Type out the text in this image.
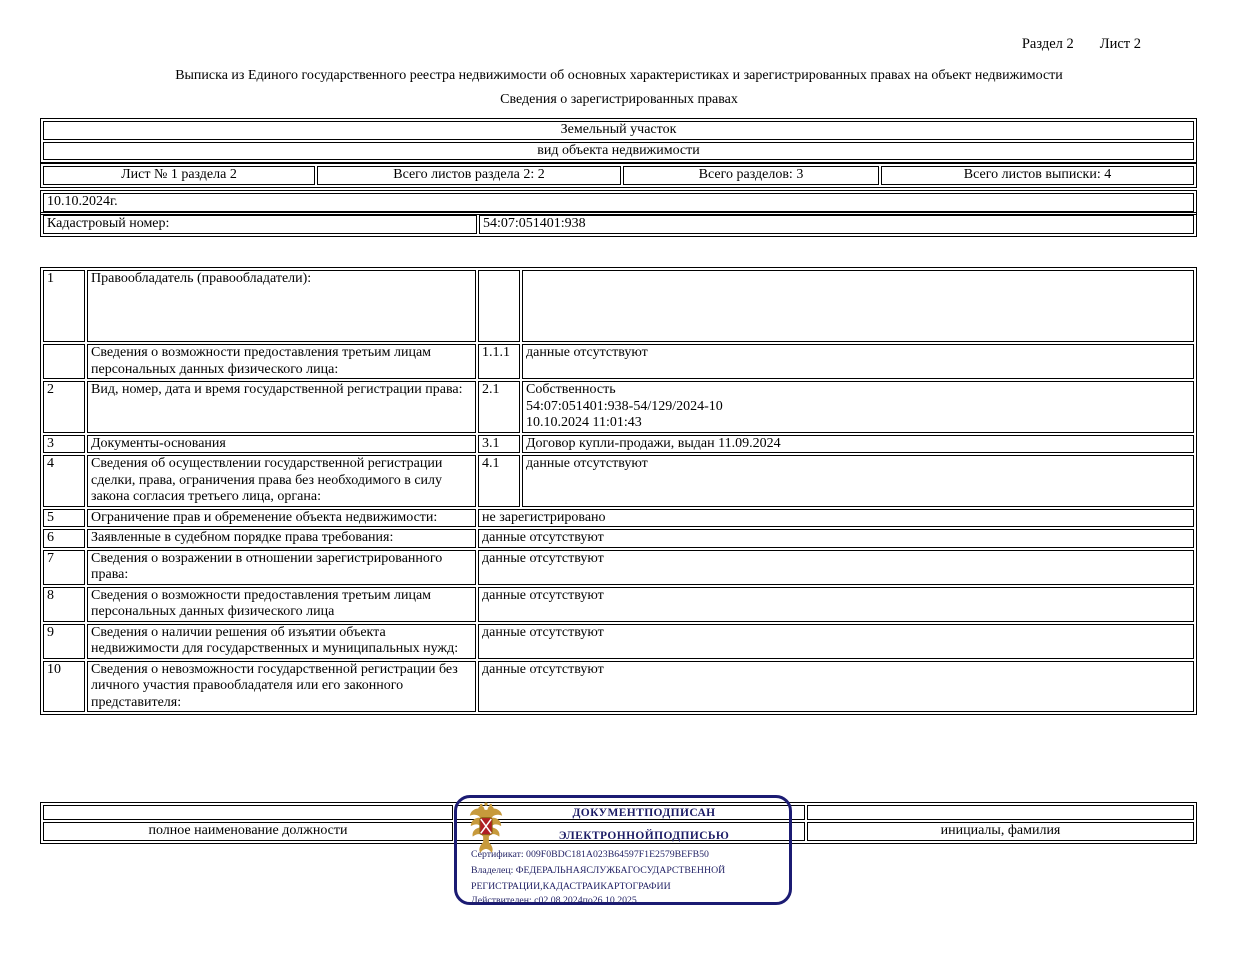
Раздел 2 Лист 2
Выписка из Единого государственного реестра недвижимости об основных характеристиках и зарегистрированных правах на объект недвижимости
Сведения о зарегистрированных правах
Земельный участок
вид объекта недвижимости
Лист № 1 раздела 2	Всего листов раздела 2: 2	Всего разделов: 3	Всего листов выписки: 4
10.10.2024г.
Кадастровый номер:	54:07:051401:938
1	Правообладатель (правообладатели):		
	Сведения о возможности предоставления третьим лицам персональных данных физического лица:	1.1.1	данные отсутствуют
2	Вид, номер, дата и время государственной регистрации права:	2.1	Собственность
54:07:051401:938-54/129/2024-10
10.10.2024 11:01:43

3	Документы-основания	3.1	Договор купли-продажи, выдан 11.09.2024
4	Сведения об осуществлении государственной регистрации сделки, права, ограничения права без необходимого в силу закона согласия третьего лица, органа:	4.1	данные отсутствуют
5	Ограничение прав и обременение объекта недвижимости:	не зарегистрировано	
6	Заявленные в судебном порядке права требования:	данные отсутствуют	
7	Сведения о возражении в отношении зарегистрированного права:	данные отсутствуют	
8	Сведения о возможности предоставления третьим лицам персональных данных физического лица	данные отсутствуют	
9	Сведения о наличии решения об изъятии объекта недвижимости для государственных и муниципальных нужд:	данные отсутствуют	
10	Сведения о невозможности государственной регистрации без личного участия правообладателя или его законного представителя:	данные отсутствуют	

полное наименование должности		инициалы, фамилия
ДОКУМЕНТПОДПИСАН
ЭЛЕКТРОННОЙПОДПИСЬЮ
Сертификат: 009F0BDC181A023B64597F1E2579BEFB50
Владелец: ФЕДЕРАЛЬНАЯСЛУЖБАГОСУДАРСТВЕННОЙ
РЕГИСТРАЦИИ,КАДАСТРАИКАРТОГРАФИИ
Действителен: с02.08.2024по26.10.2025
